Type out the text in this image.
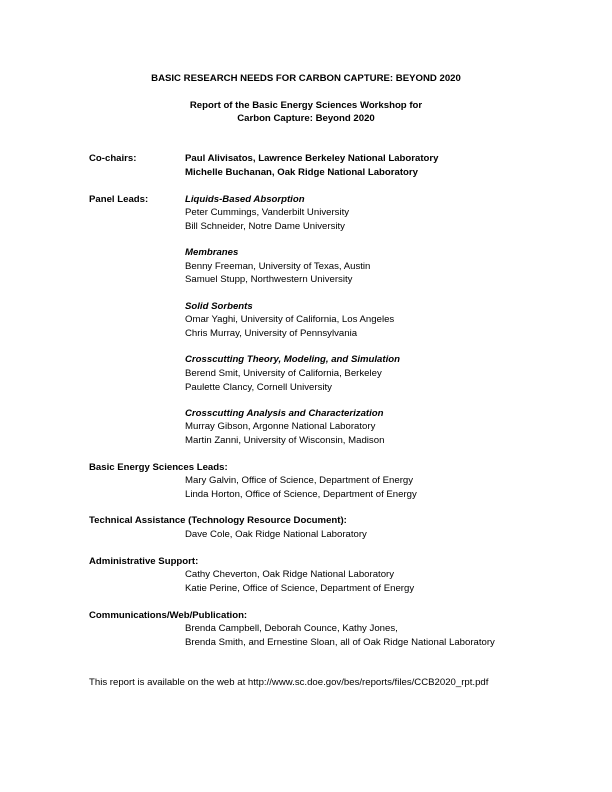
BASIC RESEARCH NEEDS FOR CARBON CAPTURE: BEYOND 2020
Report of the Basic Energy Sciences Workshop for
Carbon Capture: Beyond 2020
Co-chairs:	Paul Alivisatos, Lawrence Berkeley National Laboratory
Michelle Buchanan, Oak Ridge National Laboratory
Panel Leads:	Liquids-Based Absorption
Peter Cummings, Vanderbilt University
Bill Schneider, Notre Dame University
Membranes
Benny Freeman, University of Texas, Austin
Samuel Stupp, Northwestern University
Solid Sorbents
Omar Yaghi, University of California, Los Angeles
Chris Murray, University of Pennsylvania
Crosscutting Theory, Modeling, and Simulation
Berend Smit, University of California, Berkeley
Paulette Clancy, Cornell University
Crosscutting Analysis and Characterization
Murray Gibson, Argonne National Laboratory
Martin Zanni, University of Wisconsin, Madison
Basic Energy Sciences Leads:
Mary Galvin, Office of Science, Department of Energy
Linda Horton, Office of Science, Department of Energy
Technical Assistance (Technology Resource Document):
Dave Cole, Oak Ridge National Laboratory
Administrative Support:
Cathy Cheverton, Oak Ridge National Laboratory
Katie Perine, Office of Science, Department of Energy
Communications/Web/Publication:
Brenda Campbell, Deborah Counce, Kathy Jones,
Brenda Smith, and Ernestine Sloan, all of Oak Ridge National Laboratory
This report is available on the web at http://www.sc.doe.gov/bes/reports/files/CCB2020_rpt.pdf
